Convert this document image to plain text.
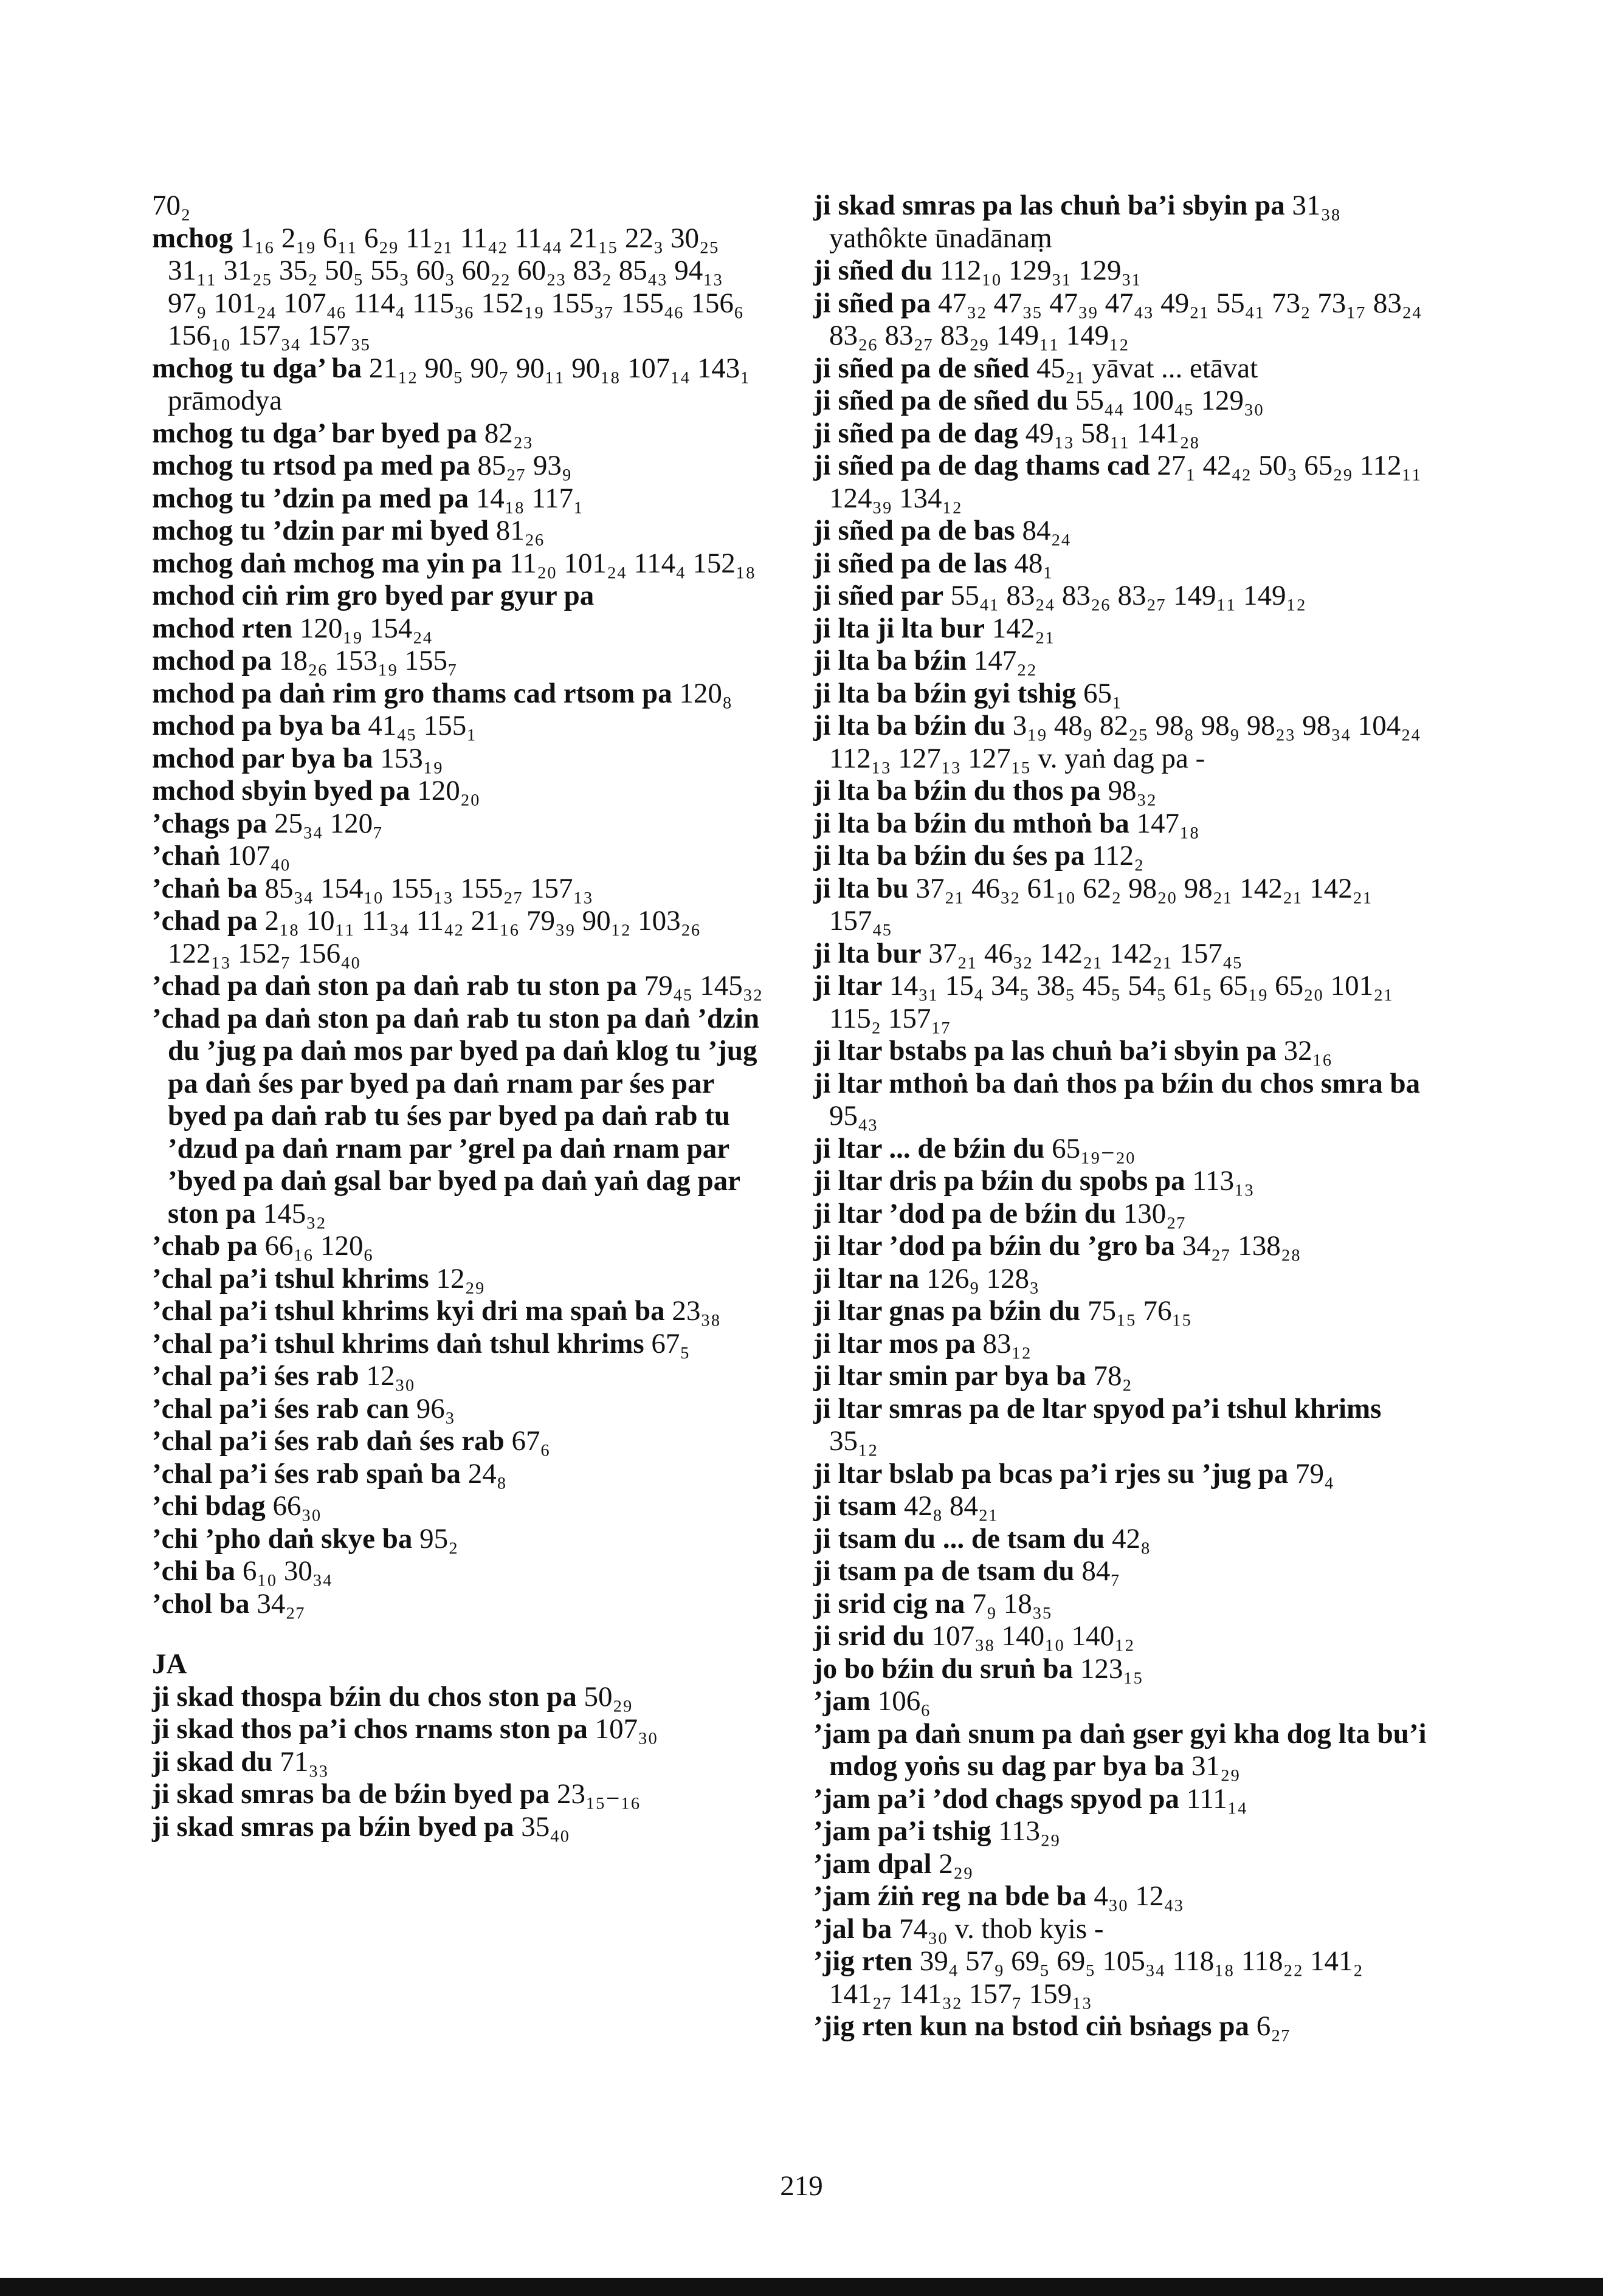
70₂

mchog 1₁₆ 2₁₉ 6₁₁ 6₂₉ 11₂₁ 11₄₂ 11₄₄ 21₁₅ 22₃ 30₂₅ 31₁₁ 31₂₅ 35₂ 50₅ 55₃ 60₃ 60₂₂ 60₂₃ 83₂ 85₄₃ 94₁₃ 97₉ 101₂₄ 107₄₆ 114₄ 115₃₆ 152₁₉ 155₃₇ 155₄₆ 156₆ 156₁₀ 157₃₄ 157₃₅

mchog tu dga’ ba 21₁₂ 90₅ 90₇ 90₁₁ 90₁₈ 107₁₄ 143₁ prāmodya

mchog tu dga’ bar byed pa 82₂₃

mchog tu rtsod pa med pa 85₂₇ 93₉

mchog tu ’dzin pa med pa 14₁₈ 117₁

mchog tu ’dzin par mi byed 81₂₆

mchog daṅ mchog ma yin pa 11₂₀ 101₂₄ 114₄ 152₁₈

mchod ciṅ rim gro byed par gyur pa

mchod rten 120₁₉ 154₂₄

mchod pa 18₂₆ 153₁₉ 155₇

mchod pa daṅ rim gro thams cad rtsom pa 120₈

mchod pa bya ba 41₄₅ 155₁

mchod par bya ba 153₁₉

mchod sbyin byed pa 120₂₀

’chags pa 25₃₄ 120₇

’chaṅ 107₄₀

’chaṅ ba 85₃₄ 154₁₀ 155₁₃ 155₂₇ 157₁₃

’chad pa 2₁₈ 10₁₁ 11₃₄ 11₄₂ 21₁₆ 79₃₉ 90₁₂ 103₂₆ 122₁₃ 152₇ 156₄₀

’chad pa daṅ ston pa daṅ rab tu ston pa 79₄₅ 145₃₂

’chad pa daṅ ston pa daṅ rab tu ston pa daṅ ’dzin du ’jug pa daṅ mos par byed pa daṅ klog tu ’jug pa daṅ śes par byed pa daṅ rnam par śes par byed pa daṅ rab tu śes par byed pa daṅ rab tu ’dzud pa daṅ rnam par ’grel pa daṅ rnam par ’byed pa daṅ gsal bar byed pa daṅ yaṅ dag par ston pa 145₃₂

’chab pa 66₁₆ 120₆

’chal pa’i tshul khrims 12₂₉

’chal pa’i tshul khrims kyi dri ma spaṅ ba 23₃₈

’chal pa’i tshul khrims daṅ tshul khrims 67₅

’chal pa’i śes rab 12₃₀

’chal pa’i śes rab can 96₃

’chal pa’i śes rab daṅ śes rab 67₆

’chal pa’i śes rab spaṅ ba 24₈

’chi bdag 66₃₀

’chi ’pho daṅ skye ba 95₂

’chi ba 6₁₀ 30₃₄

’chol ba 34₂₇

JA

ji skad thospa bźin du chos ston pa 50₂₉

ji skad thos pa’i chos rnams ston pa 107₃₀

ji skad du 71₃₃

ji skad smras ba de bźin byed pa 23₁₅₋₁₆

ji skad smras pa bźin byed pa 35₄₀

ji skad smras pa las chuṅ ba’i sbyin pa 31₃₈ yathôkte ūnadānaṃ

ji sñed du 112₁₀ 129₃₁ 129₃₁

ji sñed pa 47₃₂ 47₃₅ 47₃₉ 47₄₃ 49₂₁ 55₄₁ 73₂ 73₁₇ 83₂₄ 83₂₆ 83₂₇ 83₂₉ 149₁₁ 149₁₂

ji sñed pa de sñed 45₂₁ yāvat ... etāvat

ji sñed pa de sñed du 55₄₄ 100₄₅ 129₃₀

ji sñed pa de dag 49₁₃ 58₁₁ 141₂₈

ji sñed pa de dag thams cad 27₁ 42₄₂ 50₃ 65₂₉ 112₁₁ 124₃₉ 134₁₂

ji sñed pa de bas 84₂₄

ji sñed pa de las 48₁

ji sñed par 55₄₁ 83₂₄ 83₂₆ 83₂₇ 149₁₁ 149₁₂

ji lta ji lta bur 142₂₁

ji lta ba bźin 147₂₂

ji lta ba bźin gyi tshig 65₁

ji lta ba bźin du 3₁₉ 48₉ 82₂₅ 98₈ 98₉ 98₂₃ 98₃₄ 104₂₄ 112₁₃ 127₁₃ 127₁₅ v. yaṅ dag pa -

ji lta ba bźin du thos pa 98₃₂

ji lta ba bźin du mthoṅ ba 147₁₈

ji lta ba bźin du śes pa 112₂

ji lta bu 37₂₁ 46₃₂ 61₁₀ 62₂ 98₂₀ 98₂₁ 142₂₁ 142₂₁ 157₄₅

ji lta bur 37₂₁ 46₃₂ 142₂₁ 142₂₁ 157₄₅

ji ltar 14₃₁ 15₄ 34₅ 38₅ 45₅ 54₅ 61₅ 65₁₉ 65₂₀ 101₂₁ 115₂ 157₁₇

ji ltar bstabs pa las chuṅ ba’i sbyin pa 32₁₆

ji ltar mthoṅ ba daṅ thos pa bźin du chos smra ba 95₄₃

ji ltar ... de bźin du 65₁₉₋₂₀

ji ltar dris pa bźin du spobs pa 113₁₃

ji ltar ’dod pa de bźin du 130₂₇

ji ltar ’dod pa bźin du ’gro ba 34₂₇ 138₂₈

ji ltar na 126₉ 128₃

ji ltar gnas pa bźin du 75₁₅ 76₁₅

ji ltar mos pa 83₁₂

ji ltar smin par bya ba 78₂

ji ltar smras pa de ltar spyod pa’i tshul khrims 35₁₂

ji ltar bslab pa bcas pa’i rjes su ’jug pa 79₄

ji tsam 42₈ 84₂₁

ji tsam du ... de tsam du 42₈

ji tsam pa de tsam du 84₇

ji srid cig na 7₉ 18₃₅

ji srid du 107₃₈ 140₁₀ 140₁₂

jo bo bźin du sruṅ ba 123₁₅

’jam 106₆

’jam pa daṅ snum pa daṅ gser gyi kha dog lta bu’i mdog yoṅs su dag par bya ba 31₂₉

’jam pa’i ’dod chags spyod pa 111₁₄

’jam pa’i tshig 113₂₉

’jam dpal 2₂₉

’jam źiṅ reg na bde ba 4₃₀ 12₄₃

’jal ba 74₃₀ v. thob kyis -

’jig rten 39₄ 57₉ 69₅ 69₅ 105₃₄ 118₁₈ 118₂₂ 141₂ 141₂₇ 141₃₂ 157₇ 159₁₃

’jig rten kun na bstod ciṅ bsṅags pa 6₂₇

219
